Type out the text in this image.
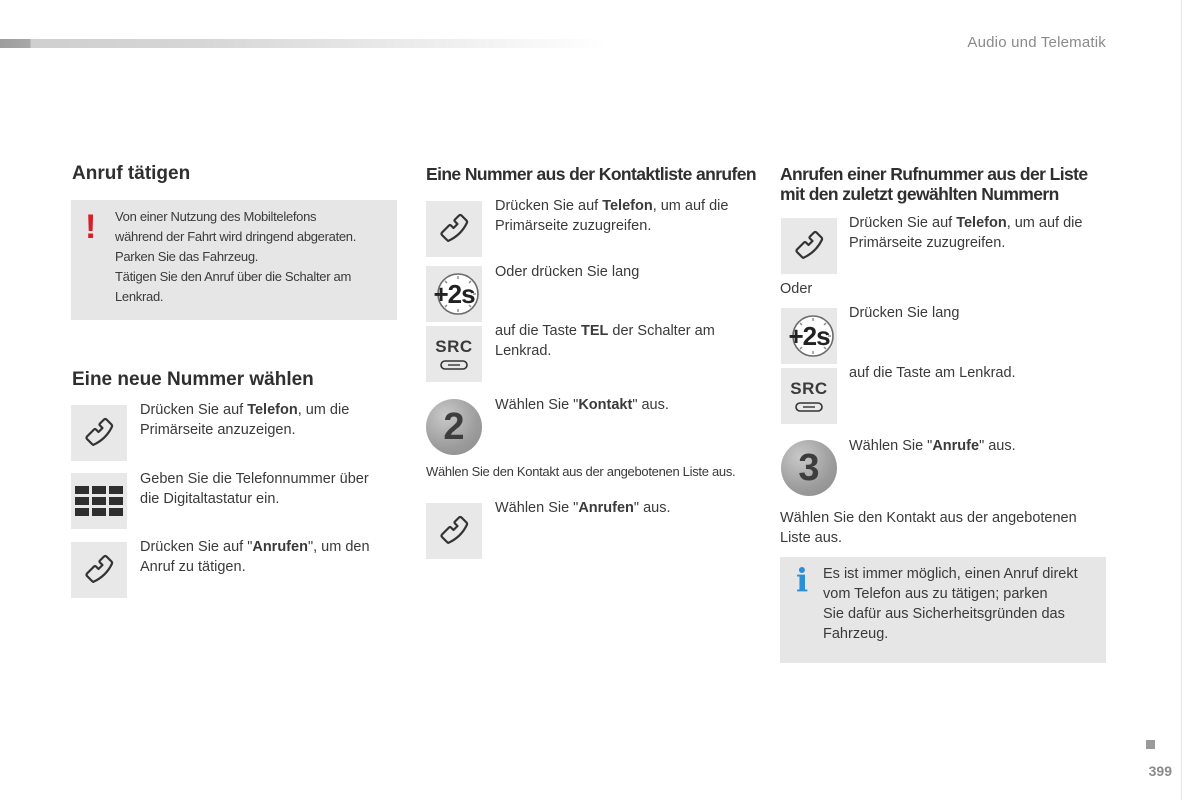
Audio und Telematik
399
Anruf tätigen
! Von einer Nutzung des Mobiltelefons
während der Fahrt wird dringend abgeraten.
Parken Sie das Fahrzeug.
Tätigen Sie den Anruf über die Schalter am
Lenkrad.
Eine neue Nummer wählen
Drücken Sie auf Telefon, um die
Primärseite anzuzeigen.
Geben Sie die Telefonnummer über
die Digitaltastatur ein.
Drücken Sie auf "Anrufen", um den
Anruf zu tätigen.
Eine Nummer aus der Kontaktliste anrufen
Drücken Sie auf Telefon, um auf die
Primärseite zuzugreifen.
+2s
Oder drücken Sie lang
SRC
auf die Taste TEL der Schalter am
Lenkrad.
2
Wählen Sie "Kontakt" aus.
Wählen Sie den Kontakt aus der angebotenen Liste aus.
Wählen Sie "Anrufen" aus.
Anrufen einer Rufnummer aus der Liste
mit den zuletzt gewählten Nummern
Drücken Sie auf Telefon, um auf die
Primärseite zuzugreifen.
Oder
+2s
Drücken Sie lang
SRC
auf die Taste am Lenkrad.
3
Wählen Sie "Anrufe" aus.
Wählen Sie den Kontakt aus der angebotenen
Liste aus.
i Es ist immer möglich, einen Anruf direkt
vom Telefon aus zu tätigen; parken
Sie dafür aus Sicherheitsgründen das
Fahrzeug.
